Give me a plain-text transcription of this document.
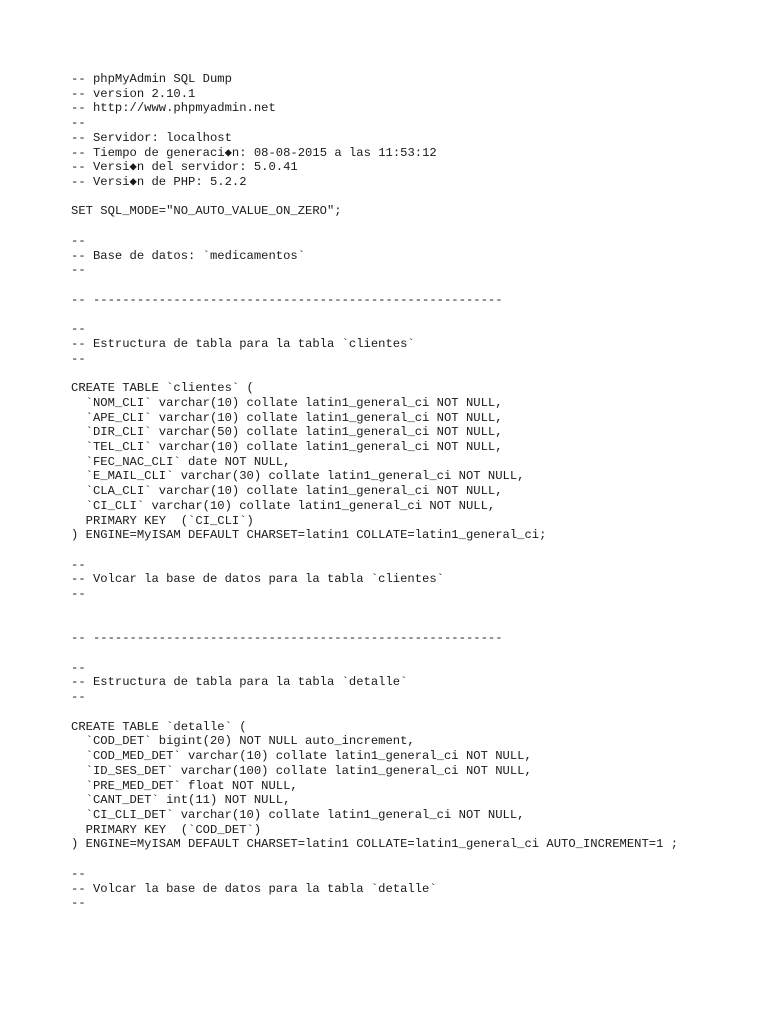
-- phpMyAdmin SQL Dump
-- version 2.10.1
-- http://www.phpmyadmin.net
--
-- Servidor: localhost
-- Tiempo de generaci◆n: 08-08-2015 a las 11:53:12
-- Versi◆n del servidor: 5.0.41
-- Versi◆n de PHP: 5.2.2
SET SQL_MODE="NO_AUTO_VALUE_ON_ZERO";
--
-- Base de datos: `medicamentos`
--
-- --------------------------------------------------------
--
-- Estructura de tabla para la tabla `clientes`
--
CREATE TABLE `clientes` (
`NOM_CLI` varchar(10) collate latin1_general_ci NOT NULL,
`APE_CLI` varchar(10) collate latin1_general_ci NOT NULL,
`DIR_CLI` varchar(50) collate latin1_general_ci NOT NULL,
`TEL_CLI` varchar(10) collate latin1_general_ci NOT NULL,
`FEC_NAC_CLI` date NOT NULL,
`E_MAIL_CLI` varchar(30) collate latin1_general_ci NOT NULL,
`CLA_CLI` varchar(10) collate latin1_general_ci NOT NULL,
`CI_CLI` varchar(10) collate latin1_general_ci NOT NULL,
PRIMARY KEY  (`CI_CLI`)
) ENGINE=MyISAM DEFAULT CHARSET=latin1 COLLATE=latin1_general_ci;
--
-- Volcar la base de datos para la tabla `clientes`
--
-- --------------------------------------------------------
--
-- Estructura de tabla para la tabla `detalle`
--
CREATE TABLE `detalle` (
`COD_DET` bigint(20) NOT NULL auto_increment,
`COD_MED_DET` varchar(10) collate latin1_general_ci NOT NULL,
`ID_SES_DET` varchar(100) collate latin1_general_ci NOT NULL,
`PRE_MED_DET` float NOT NULL,
`CANT_DET` int(11) NOT NULL,
`CI_CLI_DET` varchar(10) collate latin1_general_ci NOT NULL,
PRIMARY KEY  (`COD_DET`)
) ENGINE=MyISAM DEFAULT CHARSET=latin1 COLLATE=latin1_general_ci AUTO_INCREMENT=1 ;
--
-- Volcar la base de datos para la tabla `detalle`
--
